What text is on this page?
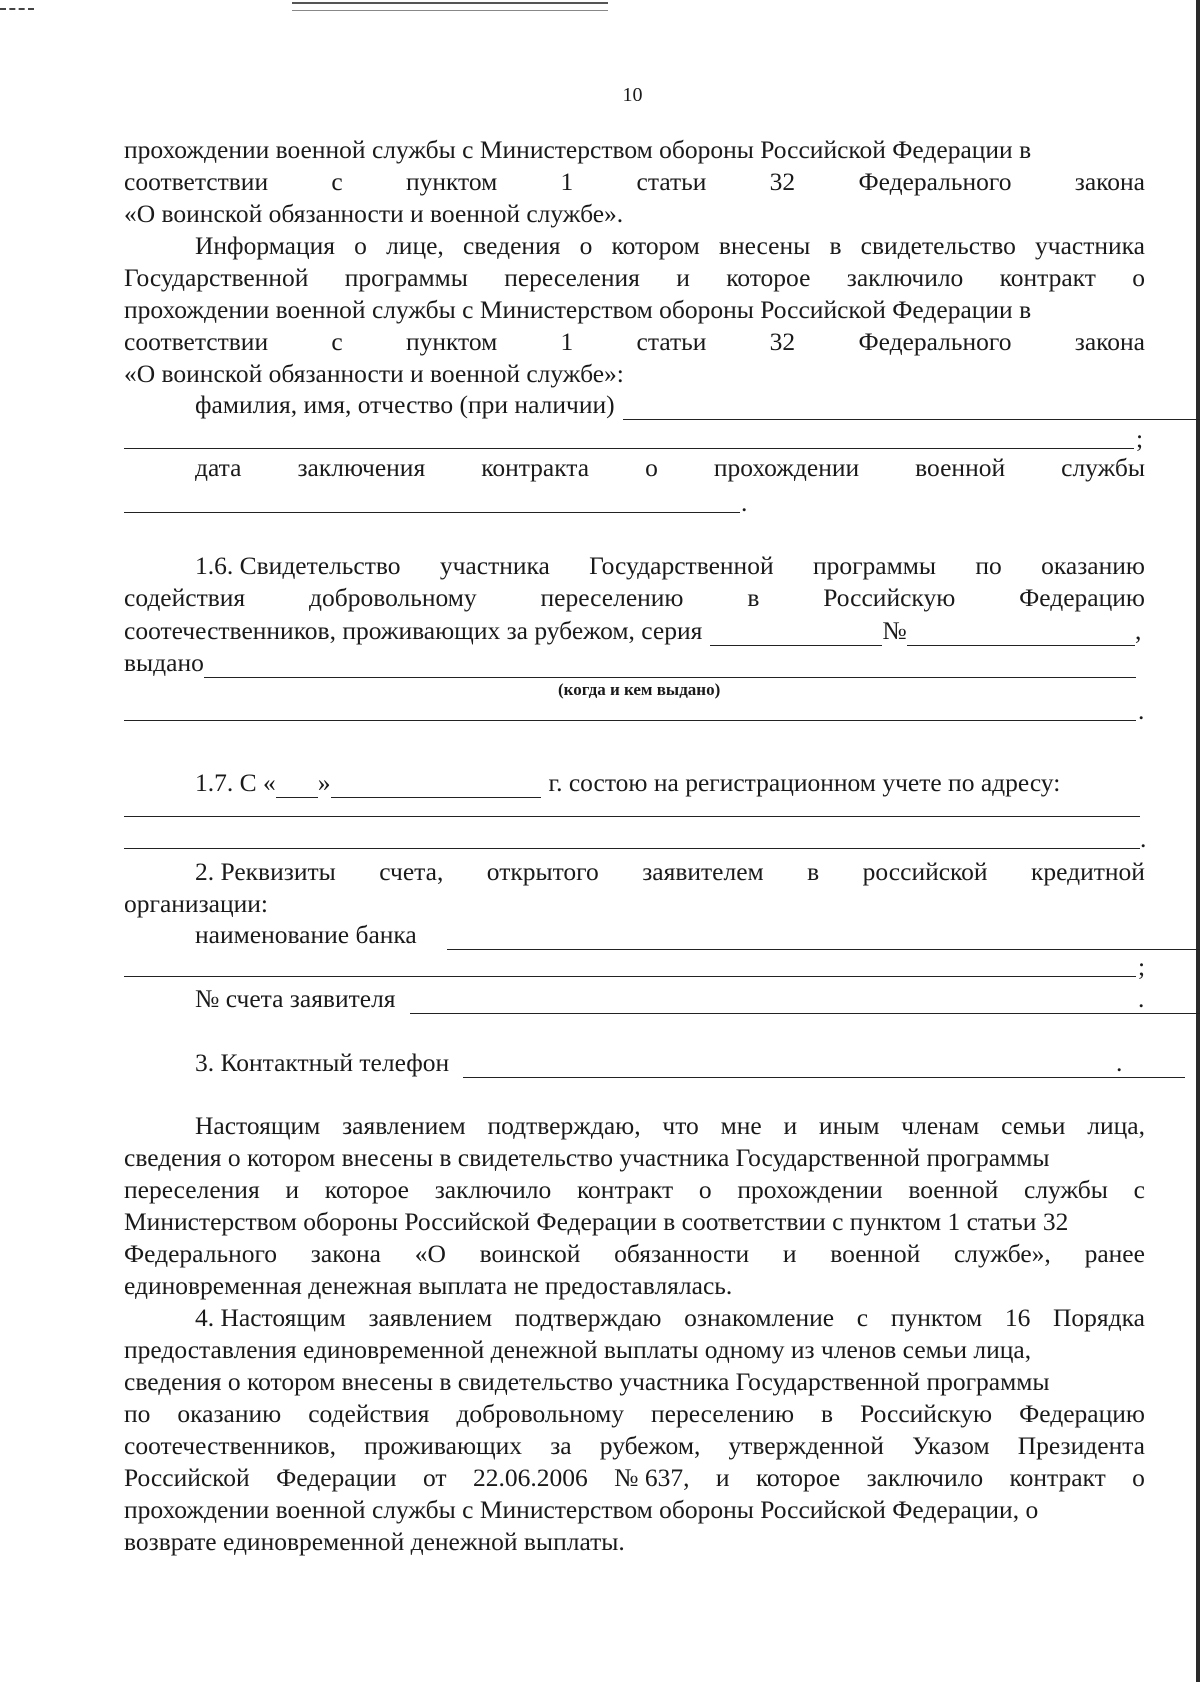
10
прохождении военной службы с Министерством обороны Российской Федерации в
соответствии с пунктом 1 статьи 32 Федерального закона
«О воинской обязанности и военной службе».
Информация о лице, сведения о котором внесены в свидетельство участника
Государственной программы переселения и которое заключило контракт о
прохождении военной службы с Министерством обороны Российской Федерации в
соответствии с пунктом 1 статьи 32 Федерального закона
«О воинской обязанности и военной службе»:
фамилия, имя, отчество (при наличии)
;
дата заключения контракта о прохождении военной службы
.
1.6. Свидетельство участника Государственной программы по оказанию
содействия	добровольному	переселению	в	Российскую	Федерацию
соотечественников, проживающих за рубежом, серия	№	,
выдано
(когда и кем выдано)
.
1.7. С « »	г. состою на регистрационном учете по адресу:
.
2. Реквизиты счета, открытого заявителем в российской кредитной
организации:
наименование банка
;
№ счета заявителя	.
3. Контактный телефон	.
Настоящим заявлением подтверждаю, что мне и иным членам семьи лица,
сведения о котором внесены в свидетельство участника Государственной программы
переселения и которое заключило контракт о прохождении военной службы с
Министерством обороны Российской Федерации в соответствии с пунктом 1 статьи 32
Федерального закона «О воинской обязанности и военной службе», ранее
единовременная денежная выплата не предоставлялась.
4. Настоящим заявлением подтверждаю ознакомление с пунктом 16 Порядка
предоставления единовременной денежной выплаты одному из членов семьи лица,
сведения о котором внесены в свидетельство участника Государственной программы
по оказанию содействия добровольному переселению в Российскую Федерацию
соотечественников, проживающих за рубежом, утвержденной Указом Президента
Российской Федерации от 22.06.2006 № 637, и которое заключило контракт о
прохождении военной службы с Министерством обороны Российской Федерации, о
возврате единовременной денежной выплаты.
